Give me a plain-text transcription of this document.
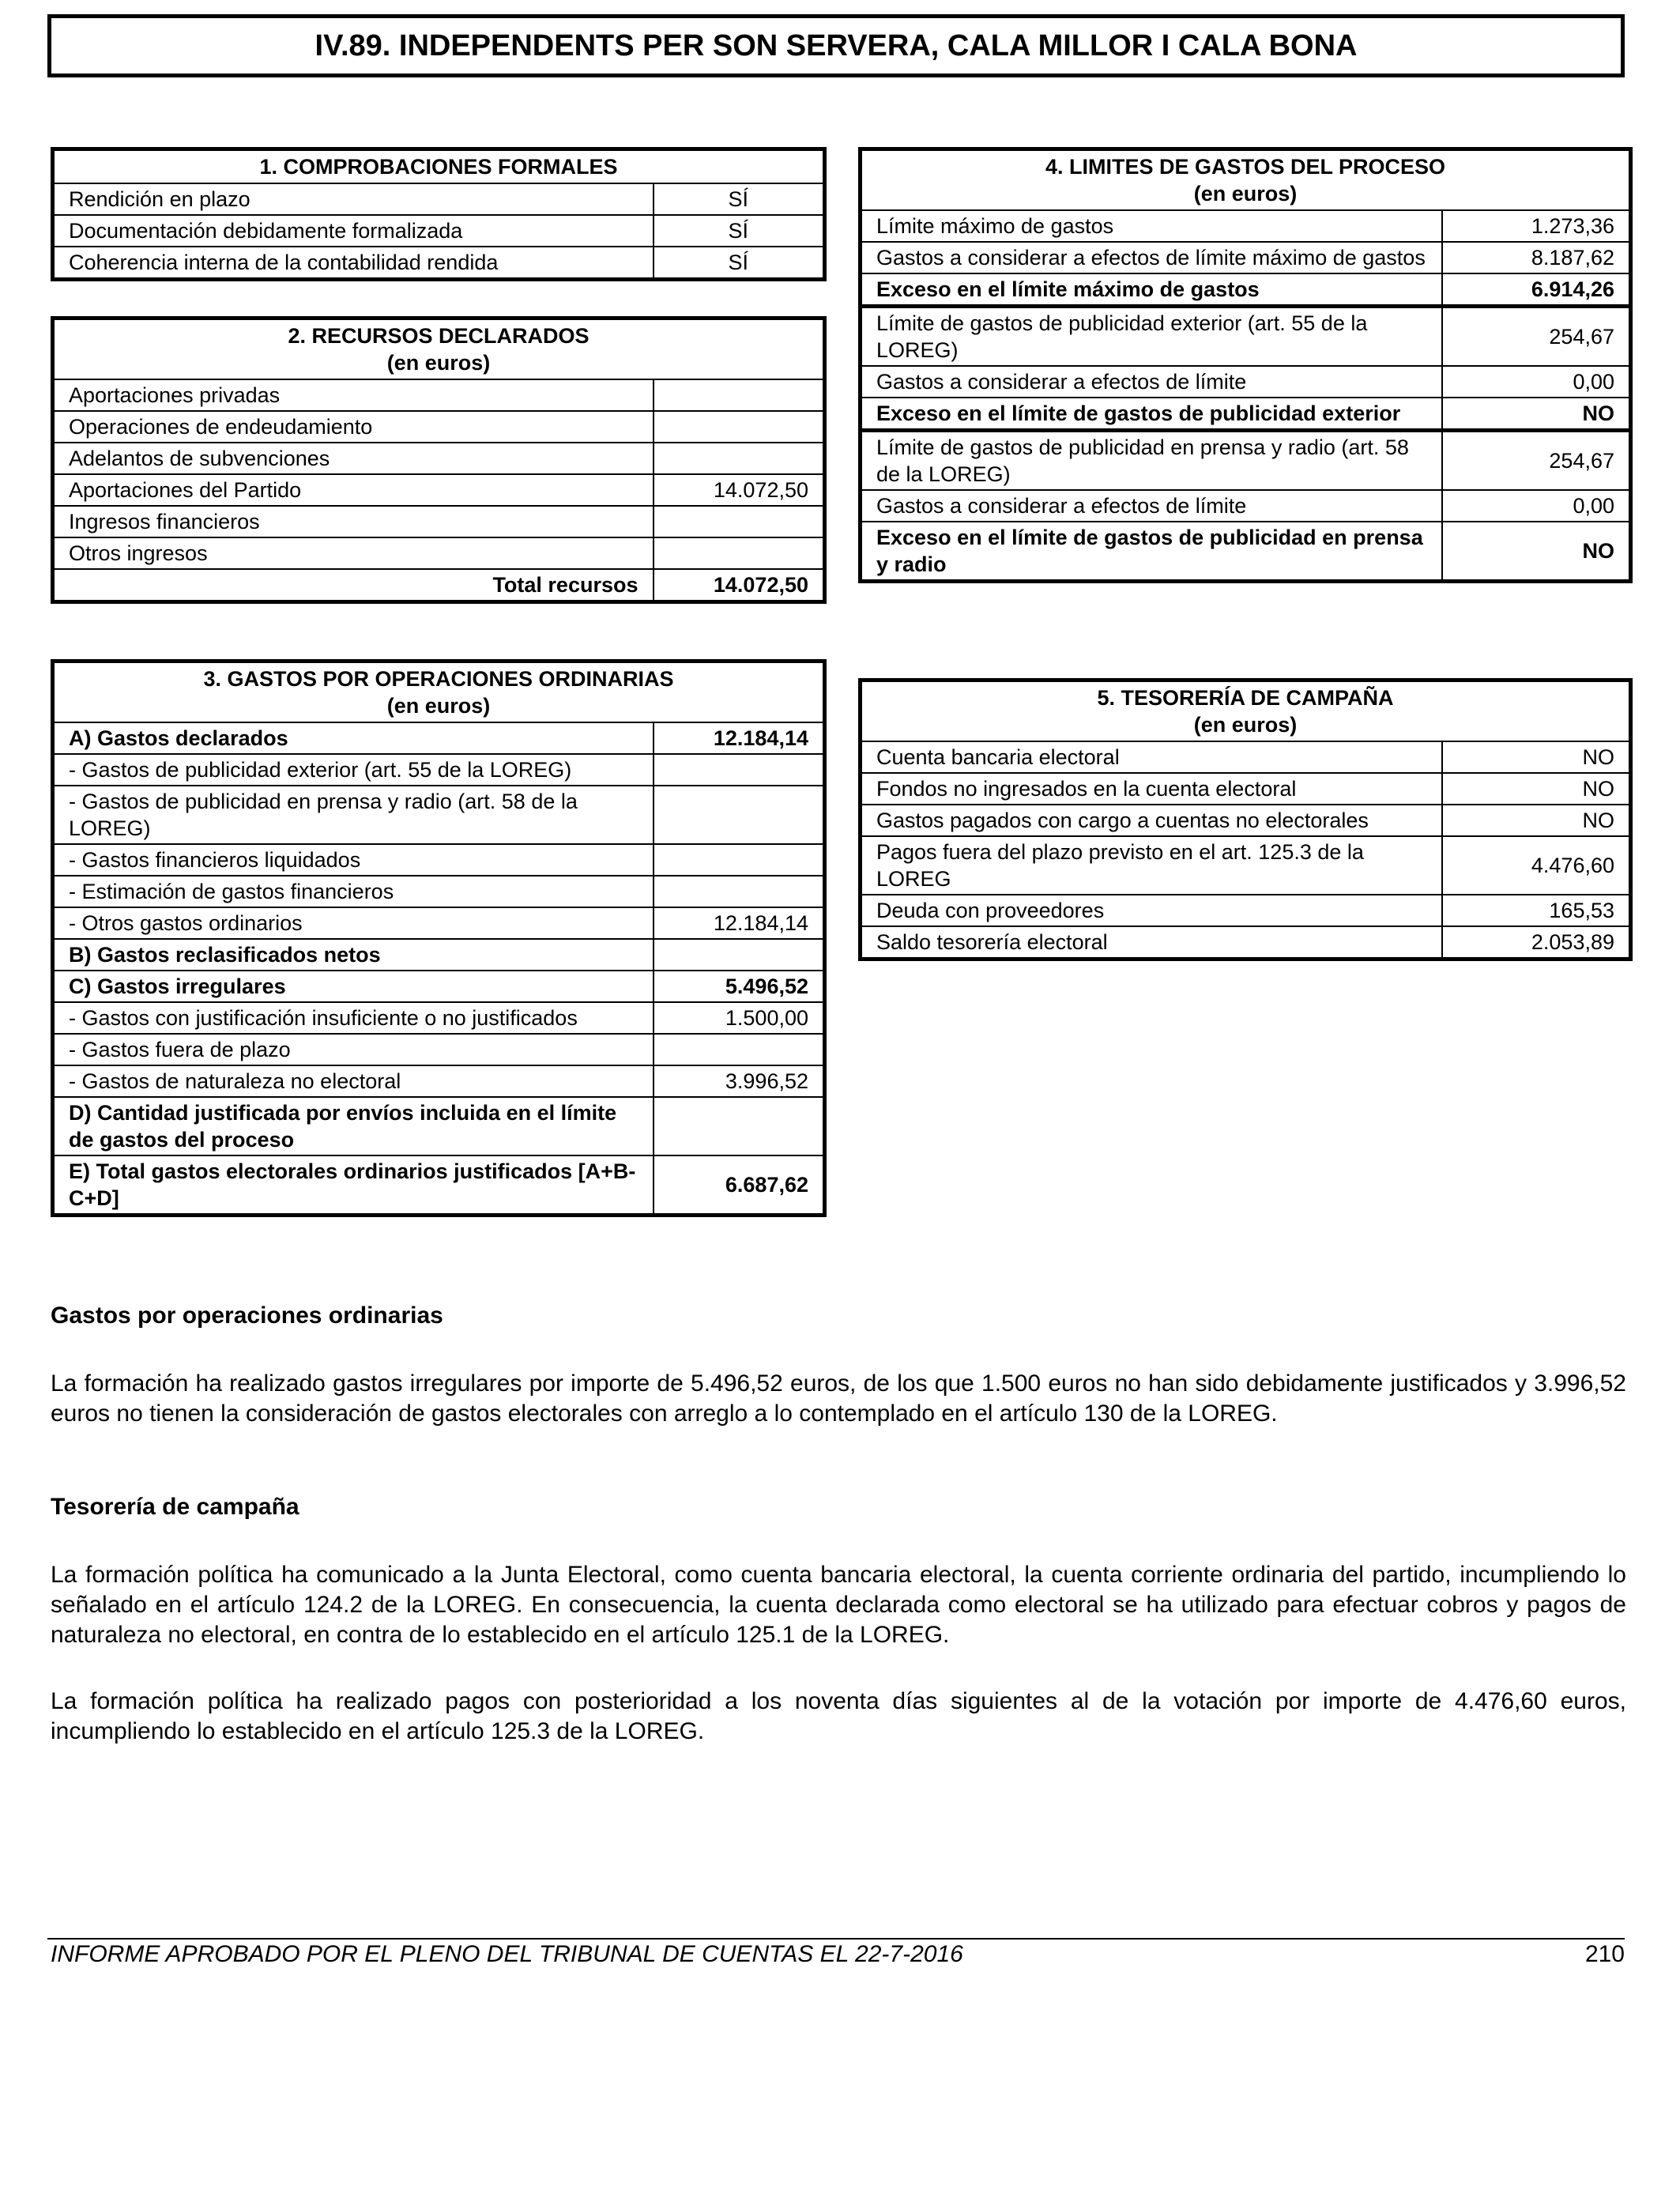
IV.89. INDEPENDENTS PER SON SERVERA, CALA MILLOR I CALA BONA
1. COMPROBACIONES FORMALES	
Rendición en plazo	SÍ
Documentación debidamente formalizada	SÍ
Coherencia interna de la contabilidad rendida	SÍ
2. RECURSOS DECLARADOS
(en euros)	
Aportaciones privadas	
Operaciones de endeudamiento	
Adelantos de subvenciones	
Aportaciones del Partido	14.072,50
Ingresos financieros	
Otros ingresos	
Total recursos	14.072,50
3. GASTOS POR OPERACIONES ORDINARIAS
(en euros)	
A) Gastos declarados	12.184,14
- Gastos de publicidad exterior (art. 55 de la LOREG)	
- Gastos de publicidad en prensa y radio (art. 58 de la LOREG)	
- Gastos financieros liquidados	
- Estimación de gastos financieros	
- Otros gastos ordinarios	12.184,14
B) Gastos reclasificados netos	
C) Gastos irregulares	5.496,52
- Gastos con justificación insuficiente o no justificados	1.500,00
- Gastos fuera de plazo	
- Gastos de naturaleza no electoral	3.996,52
D) Cantidad justificada por envíos incluida en el límite de gastos del proceso	
E) Total gastos electorales ordinarios justificados [A+B-C+D]	6.687,62
4. LIMITES DE GASTOS DEL PROCESO
(en euros)	
Límite máximo de gastos	1.273,36
Gastos a considerar a efectos de límite máximo de gastos	8.187,62
Exceso en el límite máximo de gastos	6.914,26
Límite de gastos de publicidad exterior (art. 55 de la LOREG)	254,67
Gastos a considerar a efectos de límite	0,00
Exceso en el límite de gastos de publicidad exterior	NO
Límite de gastos de publicidad en prensa y radio (art. 58 de la LOREG)	254,67
Gastos a considerar a efectos de límite	0,00
Exceso en el límite de gastos de publicidad en prensa y radio	NO
5. TESORERÍA DE CAMPAÑA
(en euros)	
Cuenta bancaria electoral	NO
Fondos no ingresados en la cuenta electoral	NO
Gastos pagados con cargo a cuentas no electorales	NO
Pagos fuera del plazo previsto en el art. 125.3 de la LOREG	4.476,60
Deuda con proveedores	165,53
Saldo tesorería electoral	2.053,89
Gastos por operaciones ordinarias

La formación ha realizado gastos irregulares por importe de 5.496,52 euros, de los que 1.500 euros no han sido debidamente justificados y 3.996,52 euros no tienen la consideración de gastos electorales con arreglo a lo contemplado en el artículo 130 de la LOREG.

Tesorería de campaña

La formación política ha comunicado a la Junta Electoral, como cuenta bancaria electoral, la cuenta corriente ordinaria del partido, incumpliendo lo señalado en el artículo 124.2 de la LOREG. En consecuencia, la cuenta declarada como electoral se ha utilizado para efectuar cobros y pagos de naturaleza no electoral, en contra de lo establecido en el artículo 125.1 de la LOREG.

La formación política ha realizado pagos con posterioridad a los noventa días siguientes al de la votación por importe de 4.476,60 euros, incumpliendo lo establecido en el artículo 125.3 de la LOREG.

INFORME APROBADO POR EL PLENO DEL TRIBUNAL DE CUENTAS EL 22-7-2016	210
